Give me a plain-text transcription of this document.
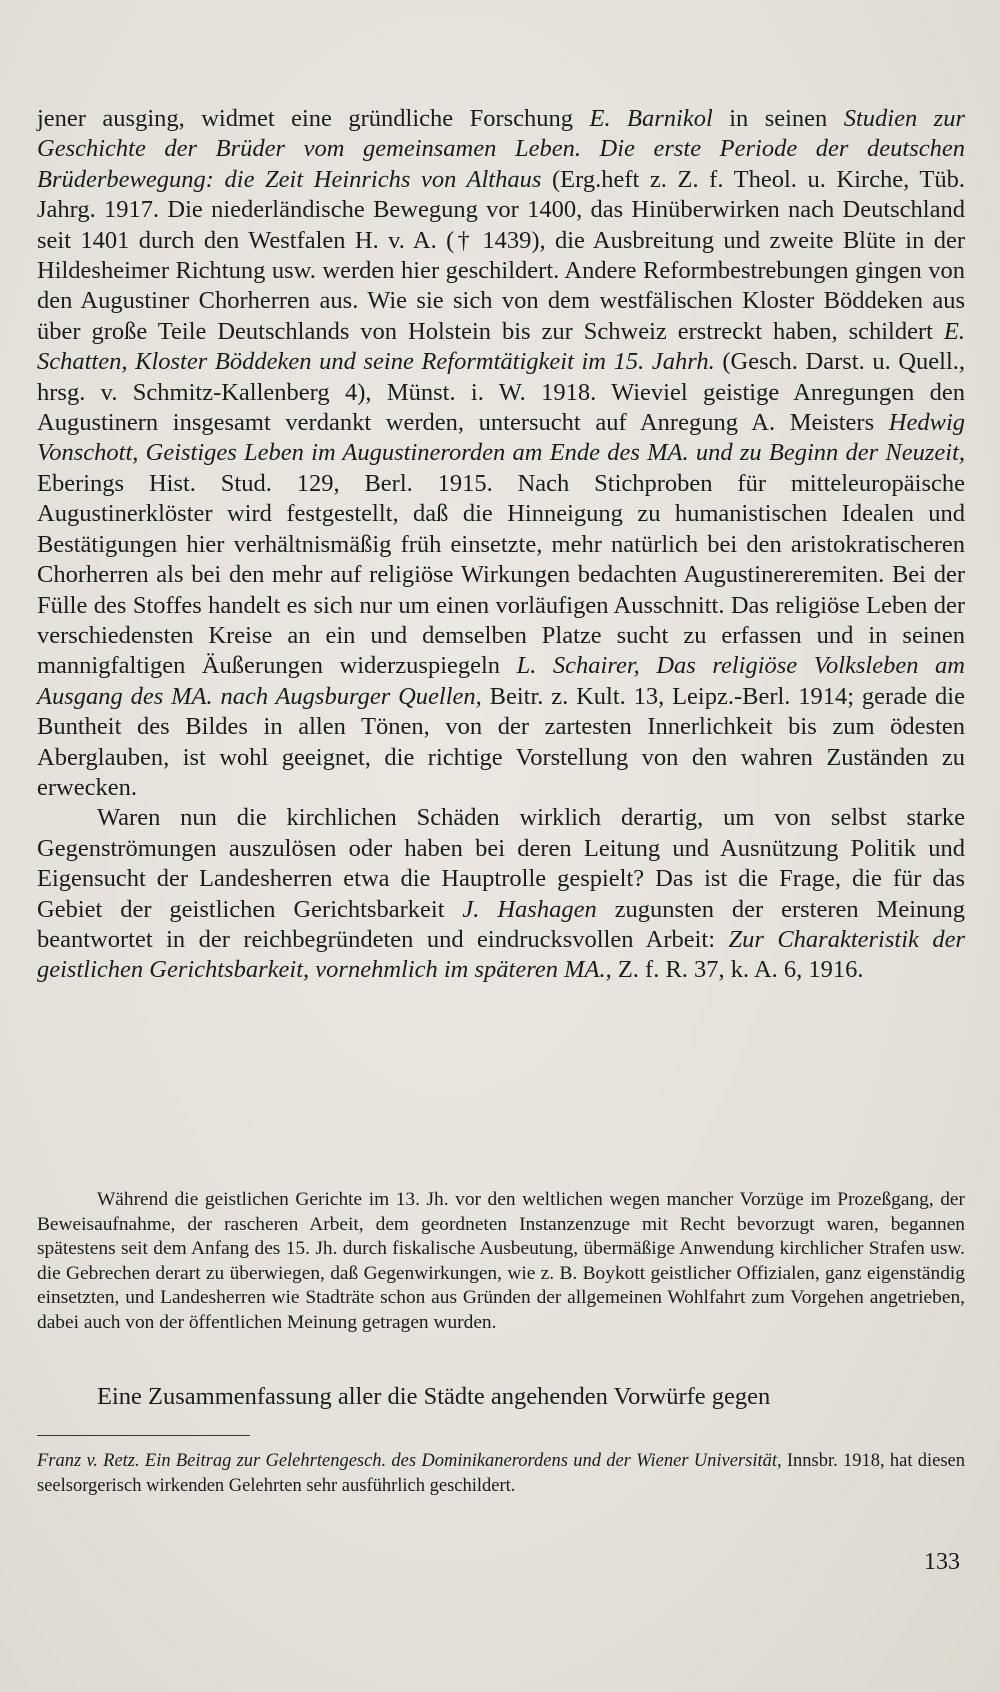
jener ausging, widmet eine gründliche Forschung E. Barnikol in seinen Studien zur Geschichte der Brüder vom gemeinsamen Leben. Die erste Periode der deutschen Brüderbewegung: die Zeit Heinrichs von Althaus (Erg.heft z. Z. f. Theol. u. Kirche, Tüb. Jahrg. 1917. Die niederländische Bewegung vor 1400, das Hinüberwirken nach Deutschland seit 1401 durch den Westfalen H. v. A. († 1439), die Ausbreitung und zweite Blüte in der Hildesheimer Richtung usw. werden hier geschildert. Andere Reformbestrebungen gingen von den Augustiner Chorherren aus. Wie sie sich von dem westfälischen Kloster Böddeken aus über große Teile Deutschlands von Holstein bis zur Schweiz erstreckt haben, schildert E. Schatten, Kloster Böddeken und seine Reformtätigkeit im 15. Jahrh. (Gesch. Darst. u. Quell., hrsg. v. Schmitz-Kallenberg 4), Münst. i. W. 1918. Wieviel geistige Anregungen den Augustinern insgesamt verdankt werden, untersucht auf Anregung A. Meisters Hedwig Vonschott, Geistiges Leben im Augustinerorden am Ende des MA. und zu Beginn der Neuzeit, Eberings Hist. Stud. 129, Berl. 1915. Nach Stichproben für mitteleuropäische Augustinerklöster wird festgestellt, daß die Hinneigung zu humanistischen Idealen und Bestätigungen hier verhältnismäßig früh einsetzte, mehr natürlich bei den aristokratischeren Chorherren als bei den mehr auf religiöse Wirkungen bedachten Augustinereremiten. Bei der Fülle des Stoffes handelt es sich nur um einen vorläufigen Ausschnitt. Das religiöse Leben der verschiedensten Kreise an ein und demselben Platze sucht zu erfassen und in seinen mannigfaltigen Äußerungen widerzuspiegeln L. Schairer, Das religiöse Volksleben am Ausgang des MA. nach Augsburger Quellen, Beitr. z. Kult. 13, Leipz.-Berl. 1914; gerade die Buntheit des Bildes in allen Tönen, von der zartesten Innerlichkeit bis zum ödesten Aberglauben, ist wohl geeignet, die richtige Vorstellung von den wahren Zuständen zu erwecken.

Waren nun die kirchlichen Schäden wirklich derartig, um von selbst starke Gegenströmungen auszulösen oder haben bei deren Leitung und Ausnützung Politik und Eigensucht der Landesherren etwa die Hauptrolle gespielt? Das ist die Frage, die für das Gebiet der geistlichen Gerichtsbarkeit J. Hashagen zugunsten der ersteren Meinung beantwortet in der reichbegründeten und eindrucksvollen Arbeit: Zur Charakteristik der geistlichen Gerichtsbarkeit, vornehmlich im späteren MA., Z. f. R. 37, k. A. 6, 1916.

Während die geistlichen Gerichte im 13. Jh. vor den weltlichen wegen mancher Vorzüge im Prozeßgang, der Beweisaufnahme, der rascheren Arbeit, dem geordneten Instanzenzuge mit Recht bevorzugt waren, begannen spätestens seit dem Anfang des 15. Jh. durch fiskalische Ausbeutung, übermäßige Anwendung kirchlicher Strafen usw. die Gebrechen derart zu überwiegen, daß Gegenwirkungen, wie z. B. Boykott geistlicher Offizialen, ganz eigenständig einsetzten, und Landesherren wie Stadträte schon aus Gründen der allgemeinen Wohlfahrt zum Vorgehen angetrieben, dabei auch von der öffentlichen Meinung getragen wurden.

Eine Zusammenfassung aller die Städte angehenden Vorwürfe gegen

Franz v. Retz. Ein Beitrag zur Gelehrtengesch. des Dominikanerordens und der Wiener Universität, Innsbr. 1918, hat diesen seelsorgerisch wirkenden Gelehrten sehr ausführlich geschildert.

133
